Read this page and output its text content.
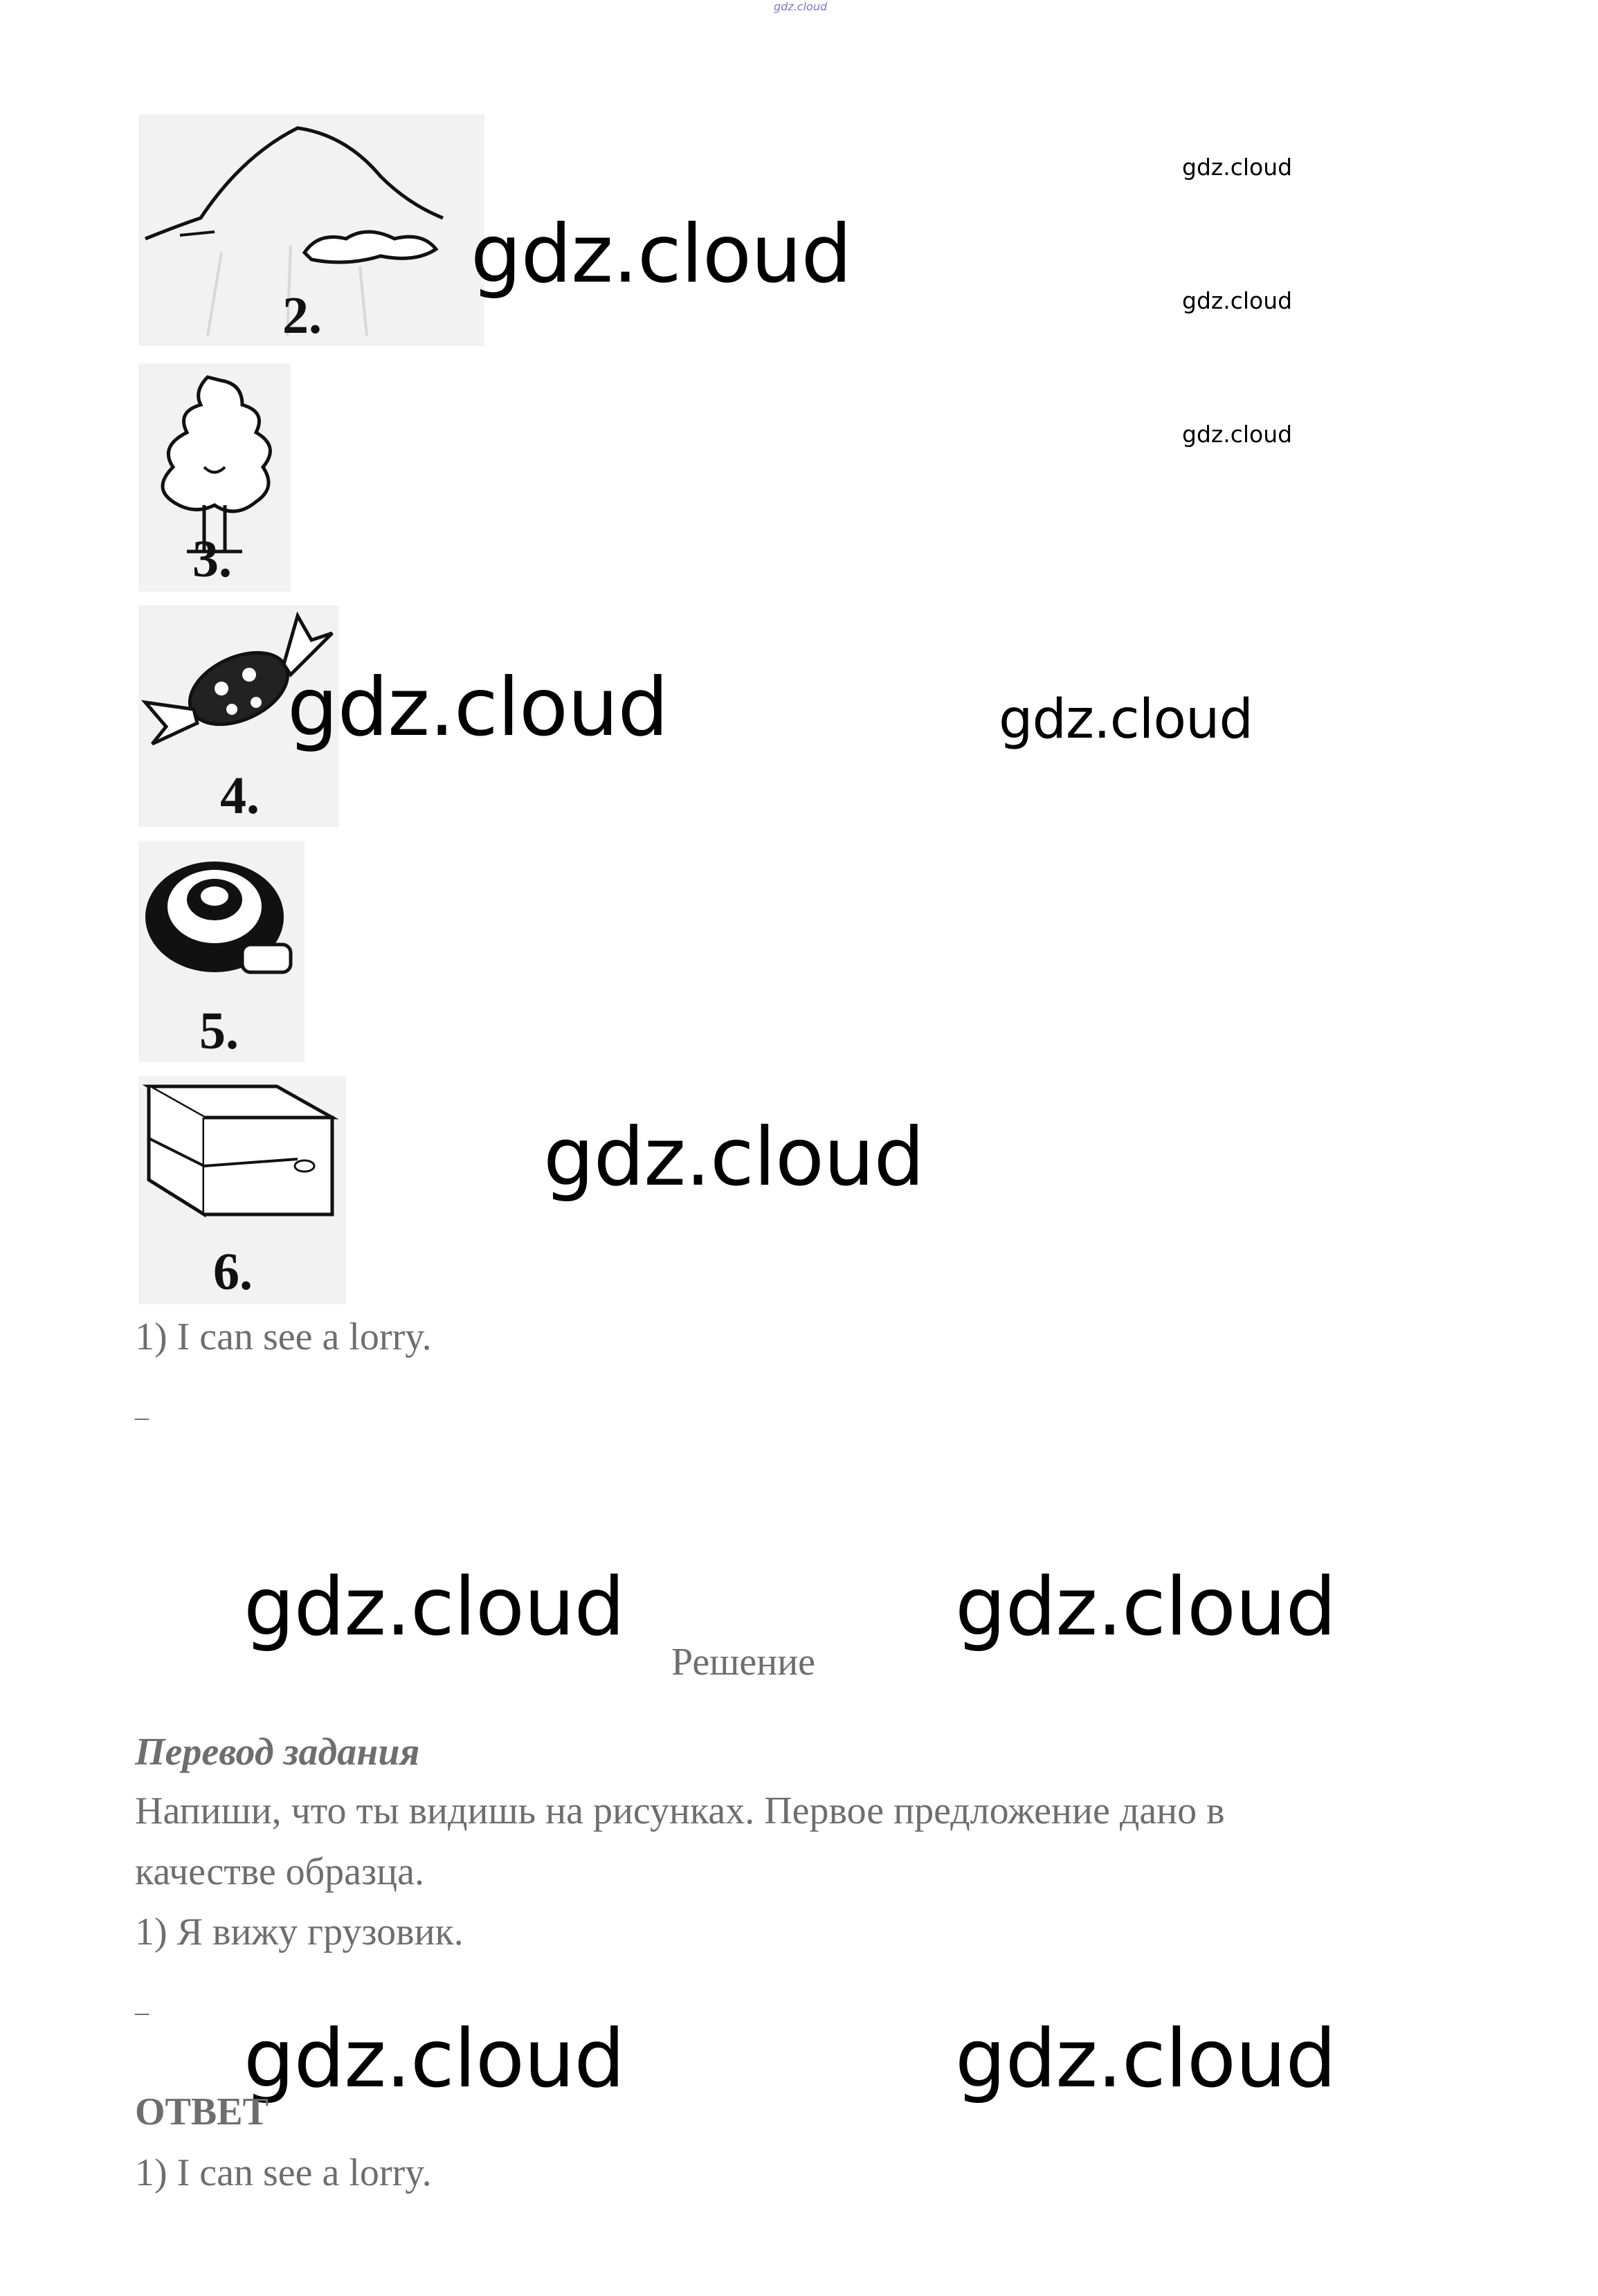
gdz.cloud
2.
3.
4.
5.
6.
gdz.cloud
gdz.cloud
gdz.cloud
gdz.cloud
gdz.cloud	gdz.cloud
gdz.cloud
gdz.cloud	gdz.cloud
gdz.cloud	gdz.cloud
1) I can see a lorry.
_
Решение
Перевод задания
Напиши, что ты видишь на рисунках. Первое предложение дано в
качестве образца.
1) Я вижу грузовик.
_
ОТВЕТ
1) I can see a lorry.
